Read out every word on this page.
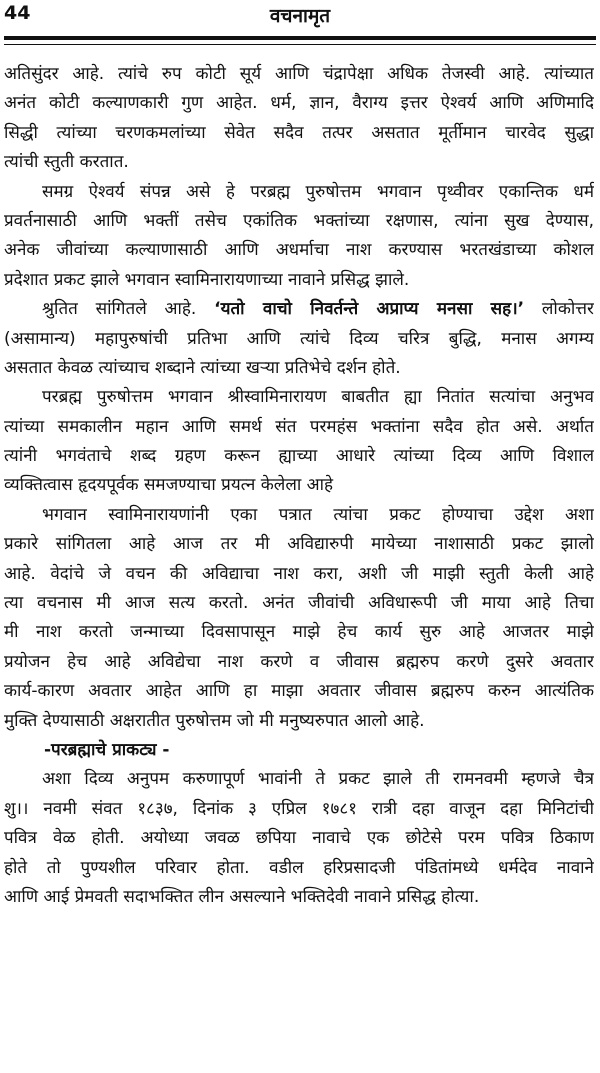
44	वचनामृत
अतिसुंदर आहे. त्यांचे रुप कोटी सूर्य आणि चंद्रापेक्षा अधिक तेजस्वी आहे. त्यांच्यात
अनंत कोटी कल्याणकारी गुण आहेत. धर्म, ज्ञान, वैराग्य इत्तर ऐश्वर्य आणि अणिमादि
सिद्धी त्यांच्या चरणकमलांच्या सेवेत सदैव तत्पर असतात मूर्तीमान चारवेद सुद्धा
त्यांची स्तुती करतात.
समग्र ऐश्वर्य संपन्न असे हे परब्रह्म पुरुषोत्तम भगवान पृथ्वीवर एकान्तिक धर्म
प्रवर्तनासाठी आणि भक्तीं तसेच एकांतिक भक्तांच्या रक्षणास, त्यांना सुख देण्यास,
अनेक जीवांच्या कल्याणासाठी आणि अधर्माचा नाश करण्यास भरतखंडाच्या कोशल
प्रदेशात प्रकट झाले भगवान स्वामिनारायणाच्या नावाने प्रसिद्ध झाले.
श्रुतित सांगितले आहे. ‘यतो वाचो निवर्तन्ते अप्राप्य मनसा सह।’ लोकोत्तर
(असामान्य) महापुरुषांची प्रतिभा आणि त्यांचे दिव्य चरित्र बुद्धि, मनास अगम्य
असतात केवळ त्यांच्याच शब्दाने त्यांच्या खऱ्या प्रतिभेचे दर्शन होते.
परब्रह्म पुरुषोत्तम भगवान श्रीस्वामिनारायण बाबतीत ह्या नितांत सत्यांचा अनुभव
त्यांच्या समकालीन महान आणि समर्थ संत परमहंस भक्तांना सदैव होत असे. अर्थात
त्यांनी भगवंताचे शब्द ग्रहण करून ह्याच्या आधारे त्यांच्या दिव्य आणि विशाल
व्यक्तित्वास हृदयपूर्वक समजण्याचा प्रयत्न केलेला आहे
भगवान स्वामिनारायणांनी एका पत्रात त्यांचा प्रकट होण्याचा उद्देश अशा
प्रकारे सांगितला आहे आज तर मी अविद्यारुपी मायेच्या नाशासाठी प्रकट झालो
आहे. वेदांचे जे वचन की अविद्याचा नाश करा, अशी जी माझी स्तुती केली आहे
त्या वचनास मी आज सत्य करतो. अनंत जीवांची अविधारूपी जी माया आहे तिचा
मी नाश करतो जन्माच्या दिवसापासून माझे हेच कार्य सुरु आहे आजतर माझे
प्रयोजन हेच आहे अविद्येचा नाश करणे व जीवास ब्रह्मरुप करणे दुसरे अवतार
कार्य-कारण अवतार आहेत आणि हा माझा अवतार जीवास ब्रह्मरुप करुन आत्यंतिक
मुक्ति देण्यासाठी अक्षरातीत पुरुषोत्तम जो मी मनुष्यरुपात आलो आहे.
-परब्रह्माचे प्राकट्य -
अशा दिव्य अनुपम करुणापूर्ण भावांनी ते प्रकट झाले ती रामनवमी म्हणजे चैत्र
शु।। नवमी संवत १८३७, दिनांक ३ एप्रिल १७८१ रात्री दहा वाजून दहा मिनिटांची
पवित्र वेळ होती. अयोध्या जवळ छपिया नावाचे एक छोटेसे परम पवित्र ठिकाण
होते तो पुण्यशील परिवार होता. वडील हरिप्रसादजी पंडितांमध्ये धर्मदेव नावाने
आणि आई प्रेमवती सदाभक्तित लीन असल्याने भक्तिदेवी नावाने प्रसिद्ध होत्या.
